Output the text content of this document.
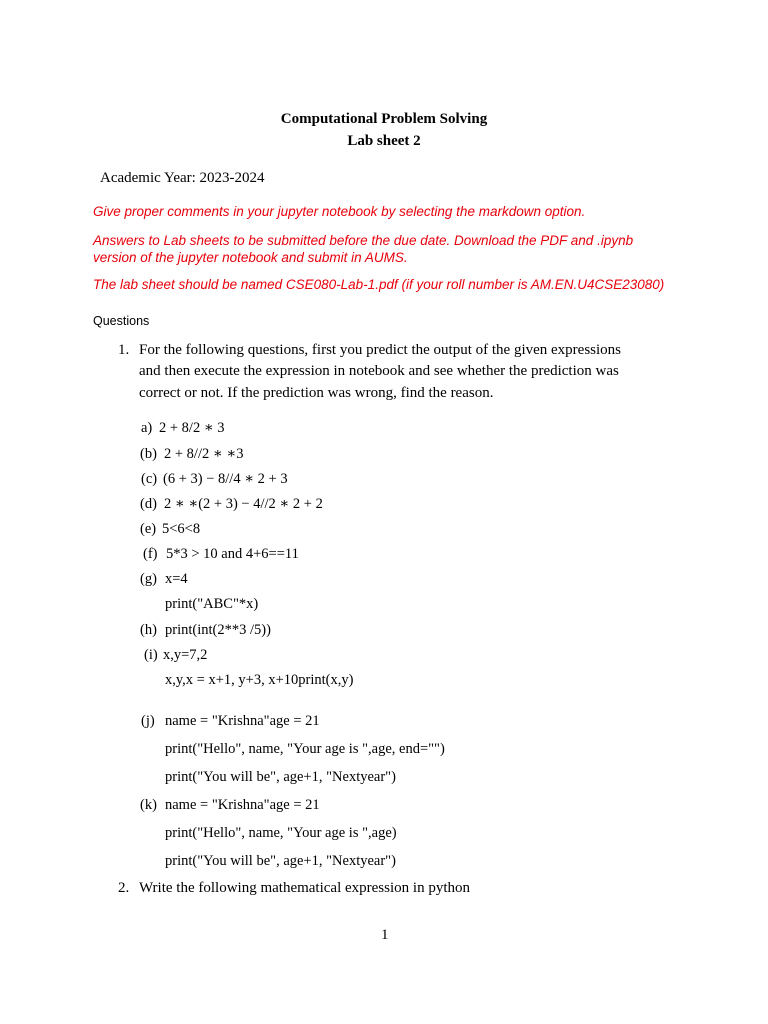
Computational Problem Solving
Lab sheet 2
Academic Year: 2023-2024
Give proper comments in your jupyter notebook by selecting the markdown option.
Answers to Lab sheets to be submitted before the due date. Download the PDF and .ipynb
version of the jupyter notebook and submit in AUMS.
The lab sheet should be named CSE080-Lab-1.pdf (if your roll number is AM.EN.U4CSE23080)
Questions
1. For the following questions, first you predict the output of the given expressions
and then execute the expression in notebook and see whether the prediction was
correct or not. If the prediction was wrong, find the reason.
a) 2 + 8/2 ∗ 3
(b) 2 + 8//2 ∗ ∗3
(c) (6 + 3) − 8//4 ∗ 2 + 3
(d) 2 ∗ ∗(2 + 3) − 4//2 ∗ 2 + 2
(e) 5<6<8
(f) 5*3 > 10 and 4+6==11
(g) x=4
print("ABC"*x)
(h) print(int(2**3 /5))
(i) x,y=7,2
x,y,x = x+1, y+3, x+10print(x,y)
(j) name = "Krishna"age = 21
print("Hello", name, "Your age is ",age, end="")
print("You will be", age+1, "Nextyear")
(k) name = "Krishna"age = 21
print("Hello", name, "Your age is ",age)
print("You will be", age+1, "Nextyear")
2. Write the following mathematical expression in python
1
